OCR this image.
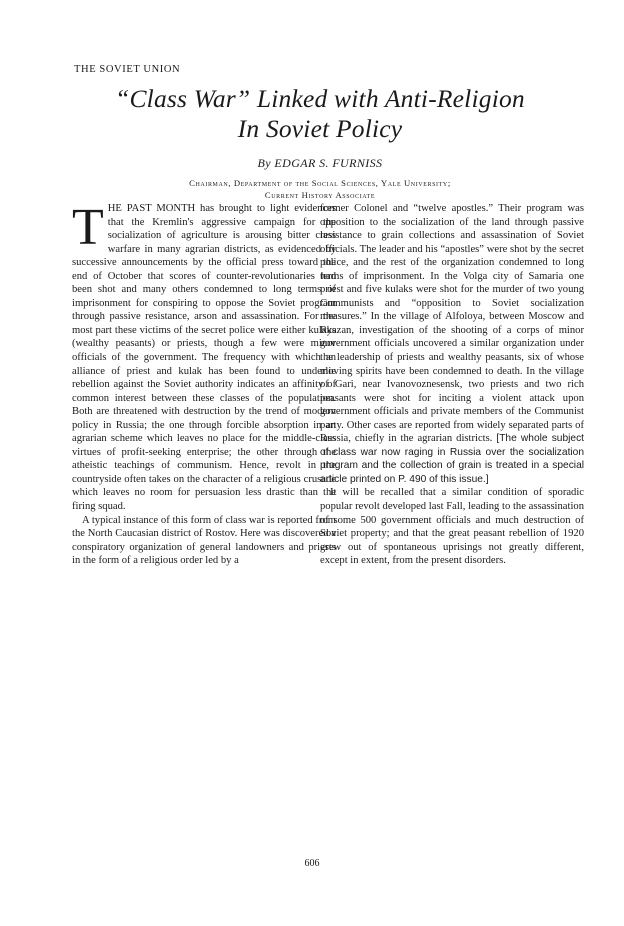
THE SOVIET UNION
“Class War” Linked with Anti-Religion
In Soviet Policy
By EDGAR S. FURNISS
Chairman, Department of the Social Sciences, Yale University;
Current History Associate

T HE PAST MONTH has brought to light evidences that the Kremlin's aggressive campaign for the socialization of agriculture is arousing bitter class warfare in many agrarian districts, as evidenced by successive announcements by the official press toward the end of October that scores of counter-revolutionaries had been shot and many others condemned to long terms of imprisonment for conspiring to oppose the Soviet program through passive resistance, arson and assassination. For the most part these victims of the secret police were either kulaks (wealthy peasants) or priests, though a few were minor officials of the government. The frequency with which an alliance of priest and kulak has been found to underlie rebellion against the Soviet authority indicates an affinity of common interest between these classes of the population. Both are threatened with destruction by the trend of modern policy in Russia; the one through forcible absorption in an agrarian scheme which leaves no place for the middle-class virtues of profit-seeking enterprise; the other through the atheistic teachings of communism. Hence, revolt in the countryside often takes on the character of a religious crusade which leaves no room for persuasion less drastic than the firing squad.

A typical instance of this form of class war is reported from the North Caucasian district of Rostov. Here was discovered a conspiratory organization of general landowners and priests in the form of a religious order led by a

former Colonel and “twelve apostles.” Their program was opposition to the socialization of the land through passive resistance to grain collections and assassination of Soviet officials. The leader and his “apostles” were shot by the secret police, and the rest of the organization condemned to long terms of imprisonment. In the Volga city of Samaria one priest and five kulaks were shot for the murder of two young Communists and “opposition to Soviet socialization measures.” In the village of Alfoloya, between Moscow and Ryazan, investigation of the shooting of a corps of minor government officials uncovered a similar organization under the leadership of priests and wealthy peasants, six of whose moving spirits have been condemned to death. In the village of Gari, near Ivanovoznesensk, two priests and two rich peasants were shot for inciting a violent attack upon government officials and private members of the Communist party. Other cases are reported from widely separated parts of Russia, chiefly in the agrarian districts. [The whole subject of class war now raging in Russia over the socialization program and the collection of grain is treated in a special article printed on P. 490 of this issue.]

It will be recalled that a similar condition of sporadic popular revolt developed last Fall, leading to the assassination of some 500 government officials and much destruction of Soviet property; and that the great peasant rebellion of 1920 grew out of spontaneous uprisings not greatly different, except in extent, from the present disorders.

606
